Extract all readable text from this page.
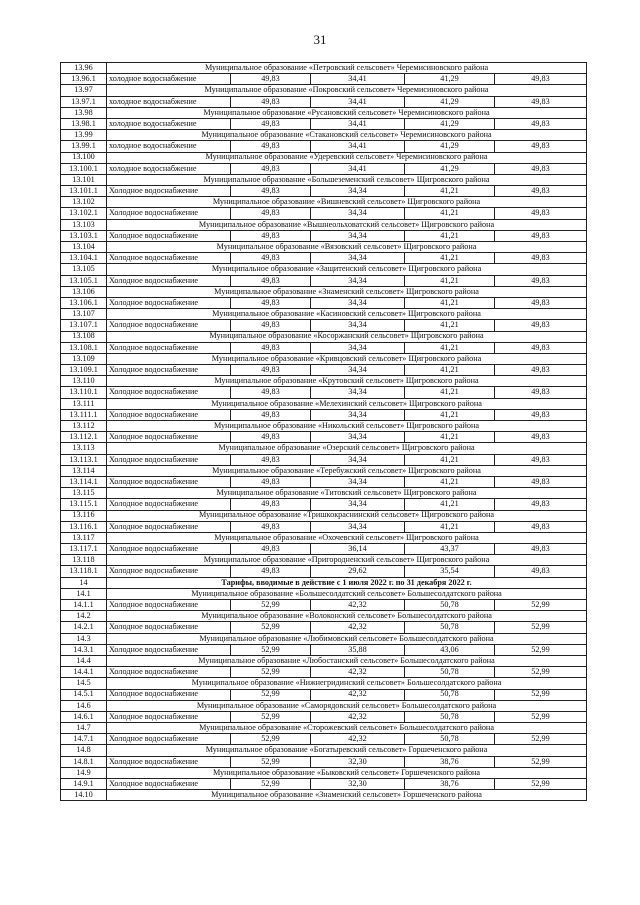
31
13.96	Муниципальное образование «Петровский сельсовет» Черемисиновского района				
13.96.1	холодное водоснабжение	49,83	34,41	41,29	49,83
13.97	Муниципальное образование «Покровский сельсовет» Черемисиновского района				
13.97.1	холодное водоснабжение	49,83	34,41	41,29	49,83
13.98	Муниципальное образование «Русановский сельсовет» Черемисиновского района				
13.98.1	холодное водоснабжение	49,83	34,41	41,29	49,83
13.99	Муниципальное образование «Стакановский сельсовет» Черемисиновского района				
13.99.1	холодное водоснабжение	49,83	34,41	41,29	49,83
13.100	Муниципальное образование «Удеревский сельсовет» Черемисиновского района				
13.100.1	холодное водоснабжение	49,83	34,41	41,29	49,83
13.101	Муниципальное образование «Большеземенский сельсовет» Щигровского района				
13.101.1	Холодное водоснабжение	49,83	34,34	41,21	49,83
13.102	Муниципальное образование «Вишневский сельсовет» Щигровского района				
13.102.1	Холодное водоснабжение	49,83	34,34	41,21	49,83
13.103	Муниципальное образование «Вышнеольховатский сельсовет» Щигровского района				
13.103.1	Холодное водоснабжение	49,83	34,34	41,21	49,83
13.104	Муниципальное образование «Вязовский сельсовет» Щигровского района				
13.104.1	Холодное водоснабжение	49,83	34,34	41,21	49,83
13.105	Муниципальное образование «Защитенский сельсовет» Щигровского района				
13.105.1	Холодное водоснабжение	49,83	34,34	41,21	49,83
13.106	Муниципальное образование «Знаменский сельсовет» Щигровского района				
13.106.1	Холодное водоснабжение	49,83	34,34	41,21	49,83
13.107	Муниципальное образование «Касиновский сельсовет» Щигровского района				
13.107.1	Холодное водоснабжение	49,83	34,34	41,21	49,83
13.108	Муниципальное образование «Косоржанский сельсовет» Щигровского района				
13.108.1	Холодное водоснабжение	49,83	34,34	41,21	49,83
13.109	Муниципальное образование «Кривцовский сельсовет» Щигровского района				
13.109.1	Холодное водоснабжение	49,83	34,34	41,21	49,83
13.110	Муниципальное образование «Крутовский сельсовет» Щигровского района				
13.110.1	Холодное водоснабжение	49,83	34,34	41,21	49,83
13.111	Муниципальное образование «Мелехинский сельсовет» Щигровского района				
13.111.1	Холодное водоснабжение	49,83	34,34	41,21	49,83
13.112	Муниципальное образование «Никольский сельсовет» Щигровского района				
13.112.1	Холодное водоснабжение	49,83	34,34	41,21	49,83
13.113	Муниципальное образование «Озерский сельсовет» Щигровского района				
13.113.1	Холодное водоснабжение	49,83	34,34	41,21	49,83
13.114	Муниципальное образование «Теребужский сельсовет» Щигровского района				
13.114.1	Холодное водоснабжение	49,83	34,34	41,21	49,83
13.115	Муниципальное образование «Титовский сельсовет» Щигровского района				
13.115.1	Холодное водоснабжение	49,83	34,34	41,21	49,83
13.116	Муниципальное образование «Тришкокраснинский сельсовет» Щигровского района				
13.116.1	Холодное водоснабжение	49,83	34,34	41,21	49,83
13.117	Муниципальное образование «Охочевский сельсовет» Щигровского района				
13.117.1	Холодное водоснабжение	49,83	36,14	43,37	49,83
13.118	Муниципальное образование «Пригородненский сельсовет» Щигровского района				
13.118.1	Холодное водоснабжение	49,83	29,62	35,54	49,83
14	Тарифы, вводимые в действие с 1 июля 2022 г. по 31 декабря 2022 г.				
14.1	Муниципальное образование «Большесолдатский сельсовет» Большесолдатского района				
14.1.1	Холодное водоснабжение	52,99	42,32	50,78	52,99
14.2	Муниципальное образование «Волоконский сельсовет» Большесолдатского района				
14.2.1	Холодное водоснабжение	52,99	42,32	50,78	52,99
14.3	Муниципальное образование «Любимовский сельсовет» Большесолдатского района				
14.3.1	Холодное водоснабжение	52,99	35,88	43,06	52,99
14.4	Муниципальное образование «Любостанский сельсовет» Большесолдатского района				
14.4.1	Холодное водоснабжение	52,99	42,32	50,78	52,99
14.5	Муниципальное образование «Нижнегридинский сельсовет» Большесолдатского района				
14.5.1	Холодное водоснабжение	52,99	42,32	50,78	52,99
14.6	Муниципальное образование «Саморядовский сельсовет» Большесолдатского района				
14.6.1	Холодное водоснабжение	52,99	42,32	50,78	52,99
14.7	Муниципальное образование «Сторожевский сельсовет» Большесолдатского района				
14.7.1	Холодное водоснабжение	52,99	42,32	50,78	52,99
14.8	Муниципальное образование «Богатыревский сельсовет» Горшеченского района				
14.8.1	Холодное водоснабжение	52,99	32,30	38,76	52,99
14.9	Муниципальное образование «Быковский сельсовет» Горшеченского района				
14.9.1	Холодное водоснабжение	52,99	32,30	38,76	52,99
14.10	Муниципальное образование «Знаменский сельсовет» Горшеченского района				
